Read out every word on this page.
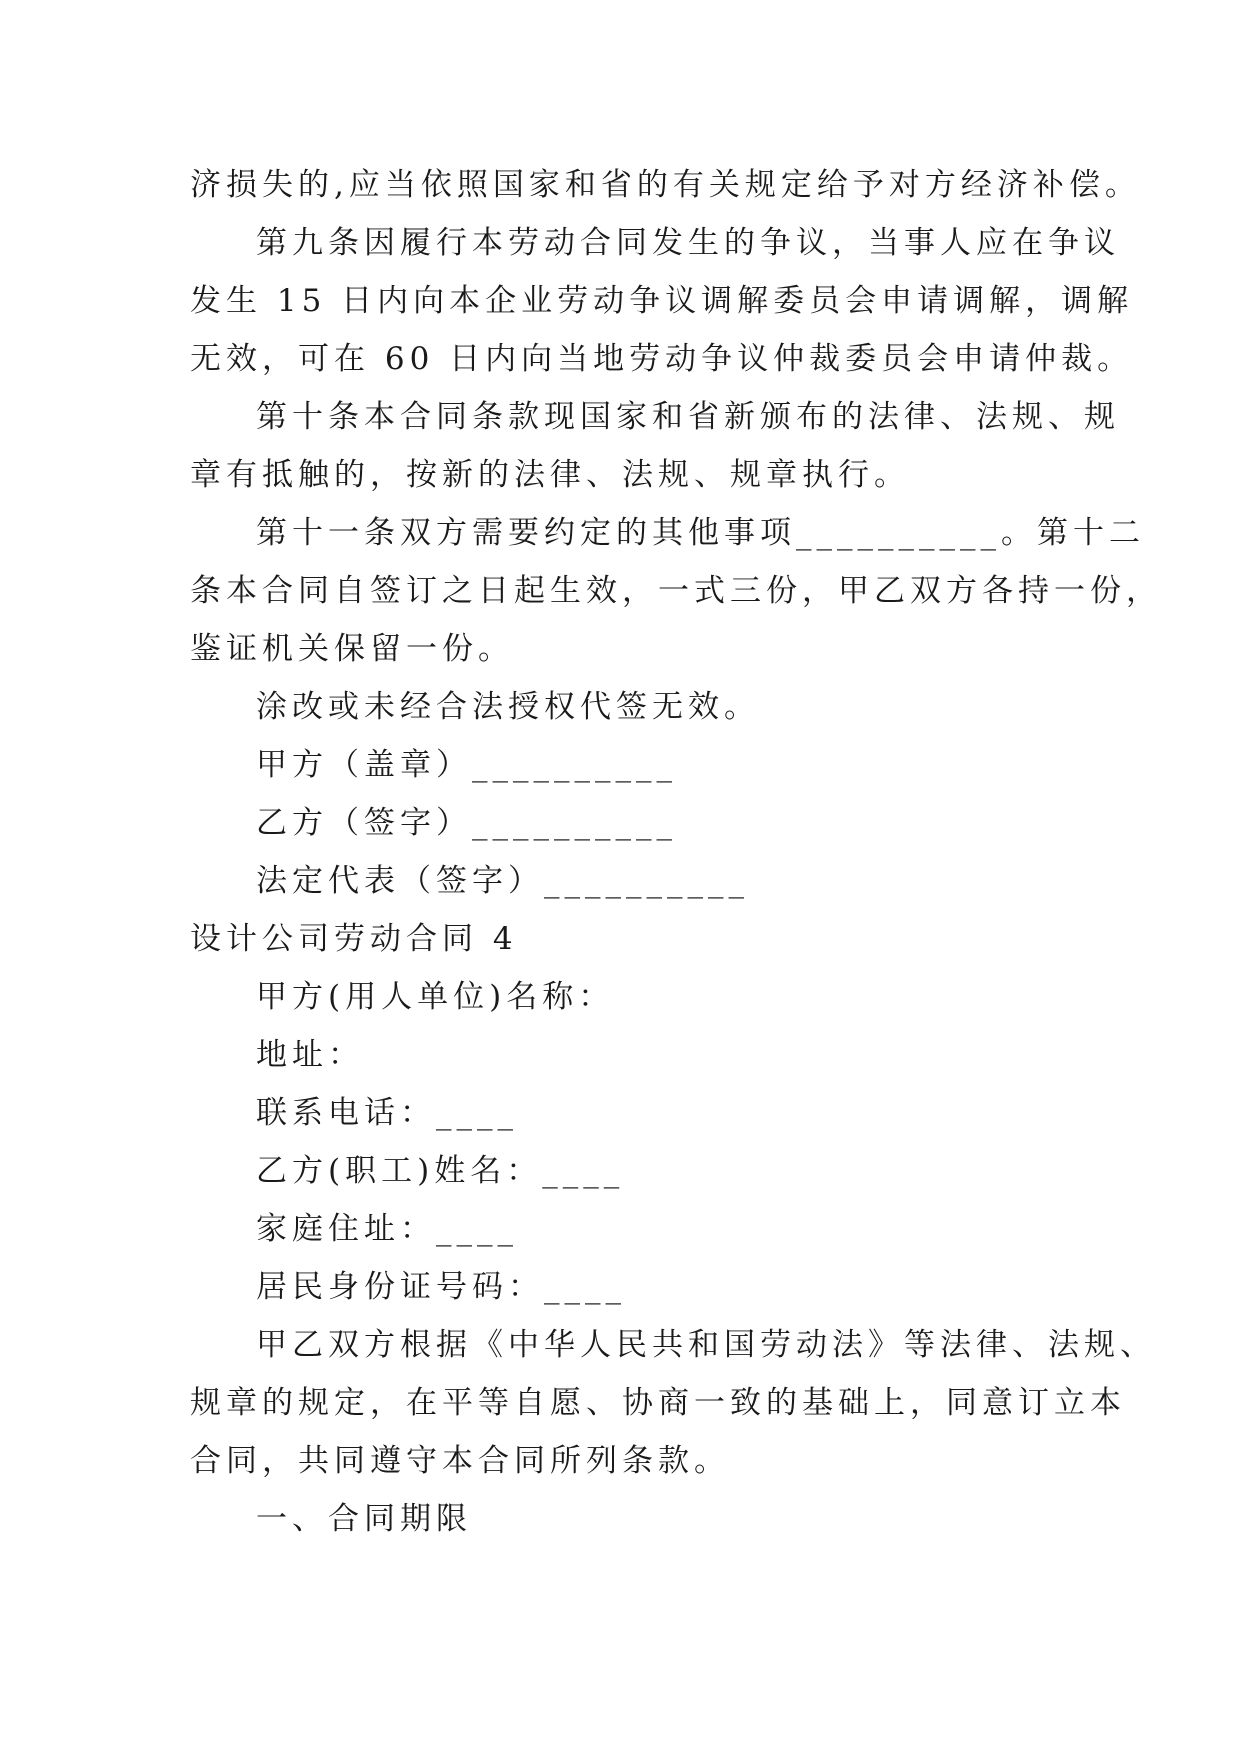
济损失的,应当依照国家和省的有关规定给予对方经济补偿。
第九条因履行本劳动合同发生的争议，当事人应在争议
发生 15 日内向本企业劳动争议调解委员会申请调解，调解
无效，可在 60 日内向当地劳动争议仲裁委员会申请仲裁。
第十条本合同条款现国家和省新颁布的法律、法规、规
章有抵触的，按新的法律、法规、规章执行。
第十一条双方需要约定的其他事项__________。第十二
条本合同自签订之日起生效，一式三份，甲乙双方各持一份，
鉴证机关保留一份。
涂改或未经合法授权代签无效。
甲方（盖章）__________
乙方（签字）__________
法定代表（签字）__________
设计公司劳动合同 4
甲方(用人单位)名称：
地址：
联系电话：____
乙方(职工)姓名：____
家庭住址：____
居民身份证号码：____
甲乙双方根据《中华人民共和国劳动法》等法律、法规、
规章的规定，在平等自愿、协商一致的基础上，同意订立本
合同，共同遵守本合同所列条款。
一、合同期限
